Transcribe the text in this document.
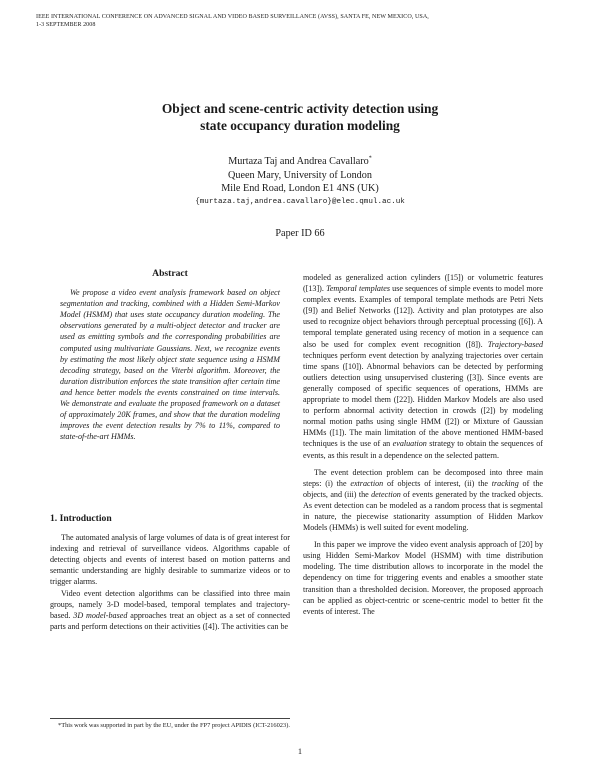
IEEE INTERNATIONAL CONFERENCE ON ADVANCED SIGNAL AND VIDEO BASED SURVEILLANCE (AVSS), SANTA FE, NEW MEXICO, USA,
1-3 SEPTEMBER 2008
Object and scene-centric activity detection using
state occupancy duration modeling
Murtaza Taj and Andrea Cavallaro*
Queen Mary, University of London
Mile End Road, London E1 4NS (UK)
{murtaza.taj,andrea.cavallaro}@elec.qmul.ac.uk
Paper ID 66
Abstract

We propose a video event analysis framework based on object segmentation and tracking, combined with a Hidden Semi-Markov Model (HSMM) that uses state occupancy duration modeling. The observations generated by a multi-object detector and tracker are used as emitting symbols and the corresponding probabilities are computed using multivariate Gaussians. Next, we recognize events by estimating the most likely object state sequence using a HSMM decoding strategy, based on the Viterbi algorithm. Moreover, the duration distribution enforces the state transition after certain time and hence better models the events constrained on time intervals. We demonstrate and evaluate the proposed framework on a dataset of approximately 20K frames, and show that the duration modeling improves the event detection results by 7% to 11%, compared to state-of-the-art HMMs.

1. Introduction

The automated analysis of large volumes of data is of great interest for indexing and retrieval of surveillance videos. Algorithms capable of detecting objects and events of interest based on motion patterns and semantic understanding are highly desirable to summarize videos or to trigger alarms.

Video event detection algorithms can be classified into three main groups, namely 3-D model-based, temporal templates and trajectory-based. 3D model-based approaches treat an object as a set of connected parts and perform detections on their activities ([4]). The activities can be

*This work was supported in part by the EU, under the FP7 project APIDIS (ICT-216023).

modeled as generalized action cylinders ([15]) or volumetric features ([13]). Temporal templates use sequences of simple events to model more complex events. Examples of temporal template methods are Petri Nets ([9]) and Belief Networks ([12]). Activity and plan prototypes are also used to recognize object behaviors through perceptual processing ([6]). A temporal template generated using recency of motion in a sequence can also be used for complex event recognition ([8]). Trajectory-based techniques perform event detection by analyzing trajectories over certain time spans ([10]). Abnormal behaviors can be detected by performing outliers detection using unsupervised clustering ([3]). Since events are generally composed of specific sequences of operations, HMMs are appropriate to model them ([22]). Hidden Markov Models are also used to perform abnormal activity detection in crowds ([2]) by modeling normal motion paths using single HMM ([2]) or Mixture of Gaussian HMMs ([1]). The main limitation of the above mentioned HMM-based techniques is the use of an evaluation strategy to obtain the sequences of events, as this result in a dependence on the selected pattern.

The event detection problem can be decomposed into three main steps: (i) the extraction of objects of interest, (ii) the tracking of the objects, and (iii) the detection of events generated by the tracked objects. As event detection can be modeled as a random process that is segmental in nature, the piecewise stationarity assumption of Hidden Markov Models (HMMs) is well suited for event modeling.

In this paper we improve the video event analysis approach of [20] by using Hidden Semi-Markov Model (HSMM) with time distribution modeling. The time distribution allows to incorporate in the model the dependency on time for triggering events and enables a smoother state transition than a thresholded decision. Moreover, the proposed approach can be applied as object-centric or scene-centric model to better fit the events of interest. The

1
